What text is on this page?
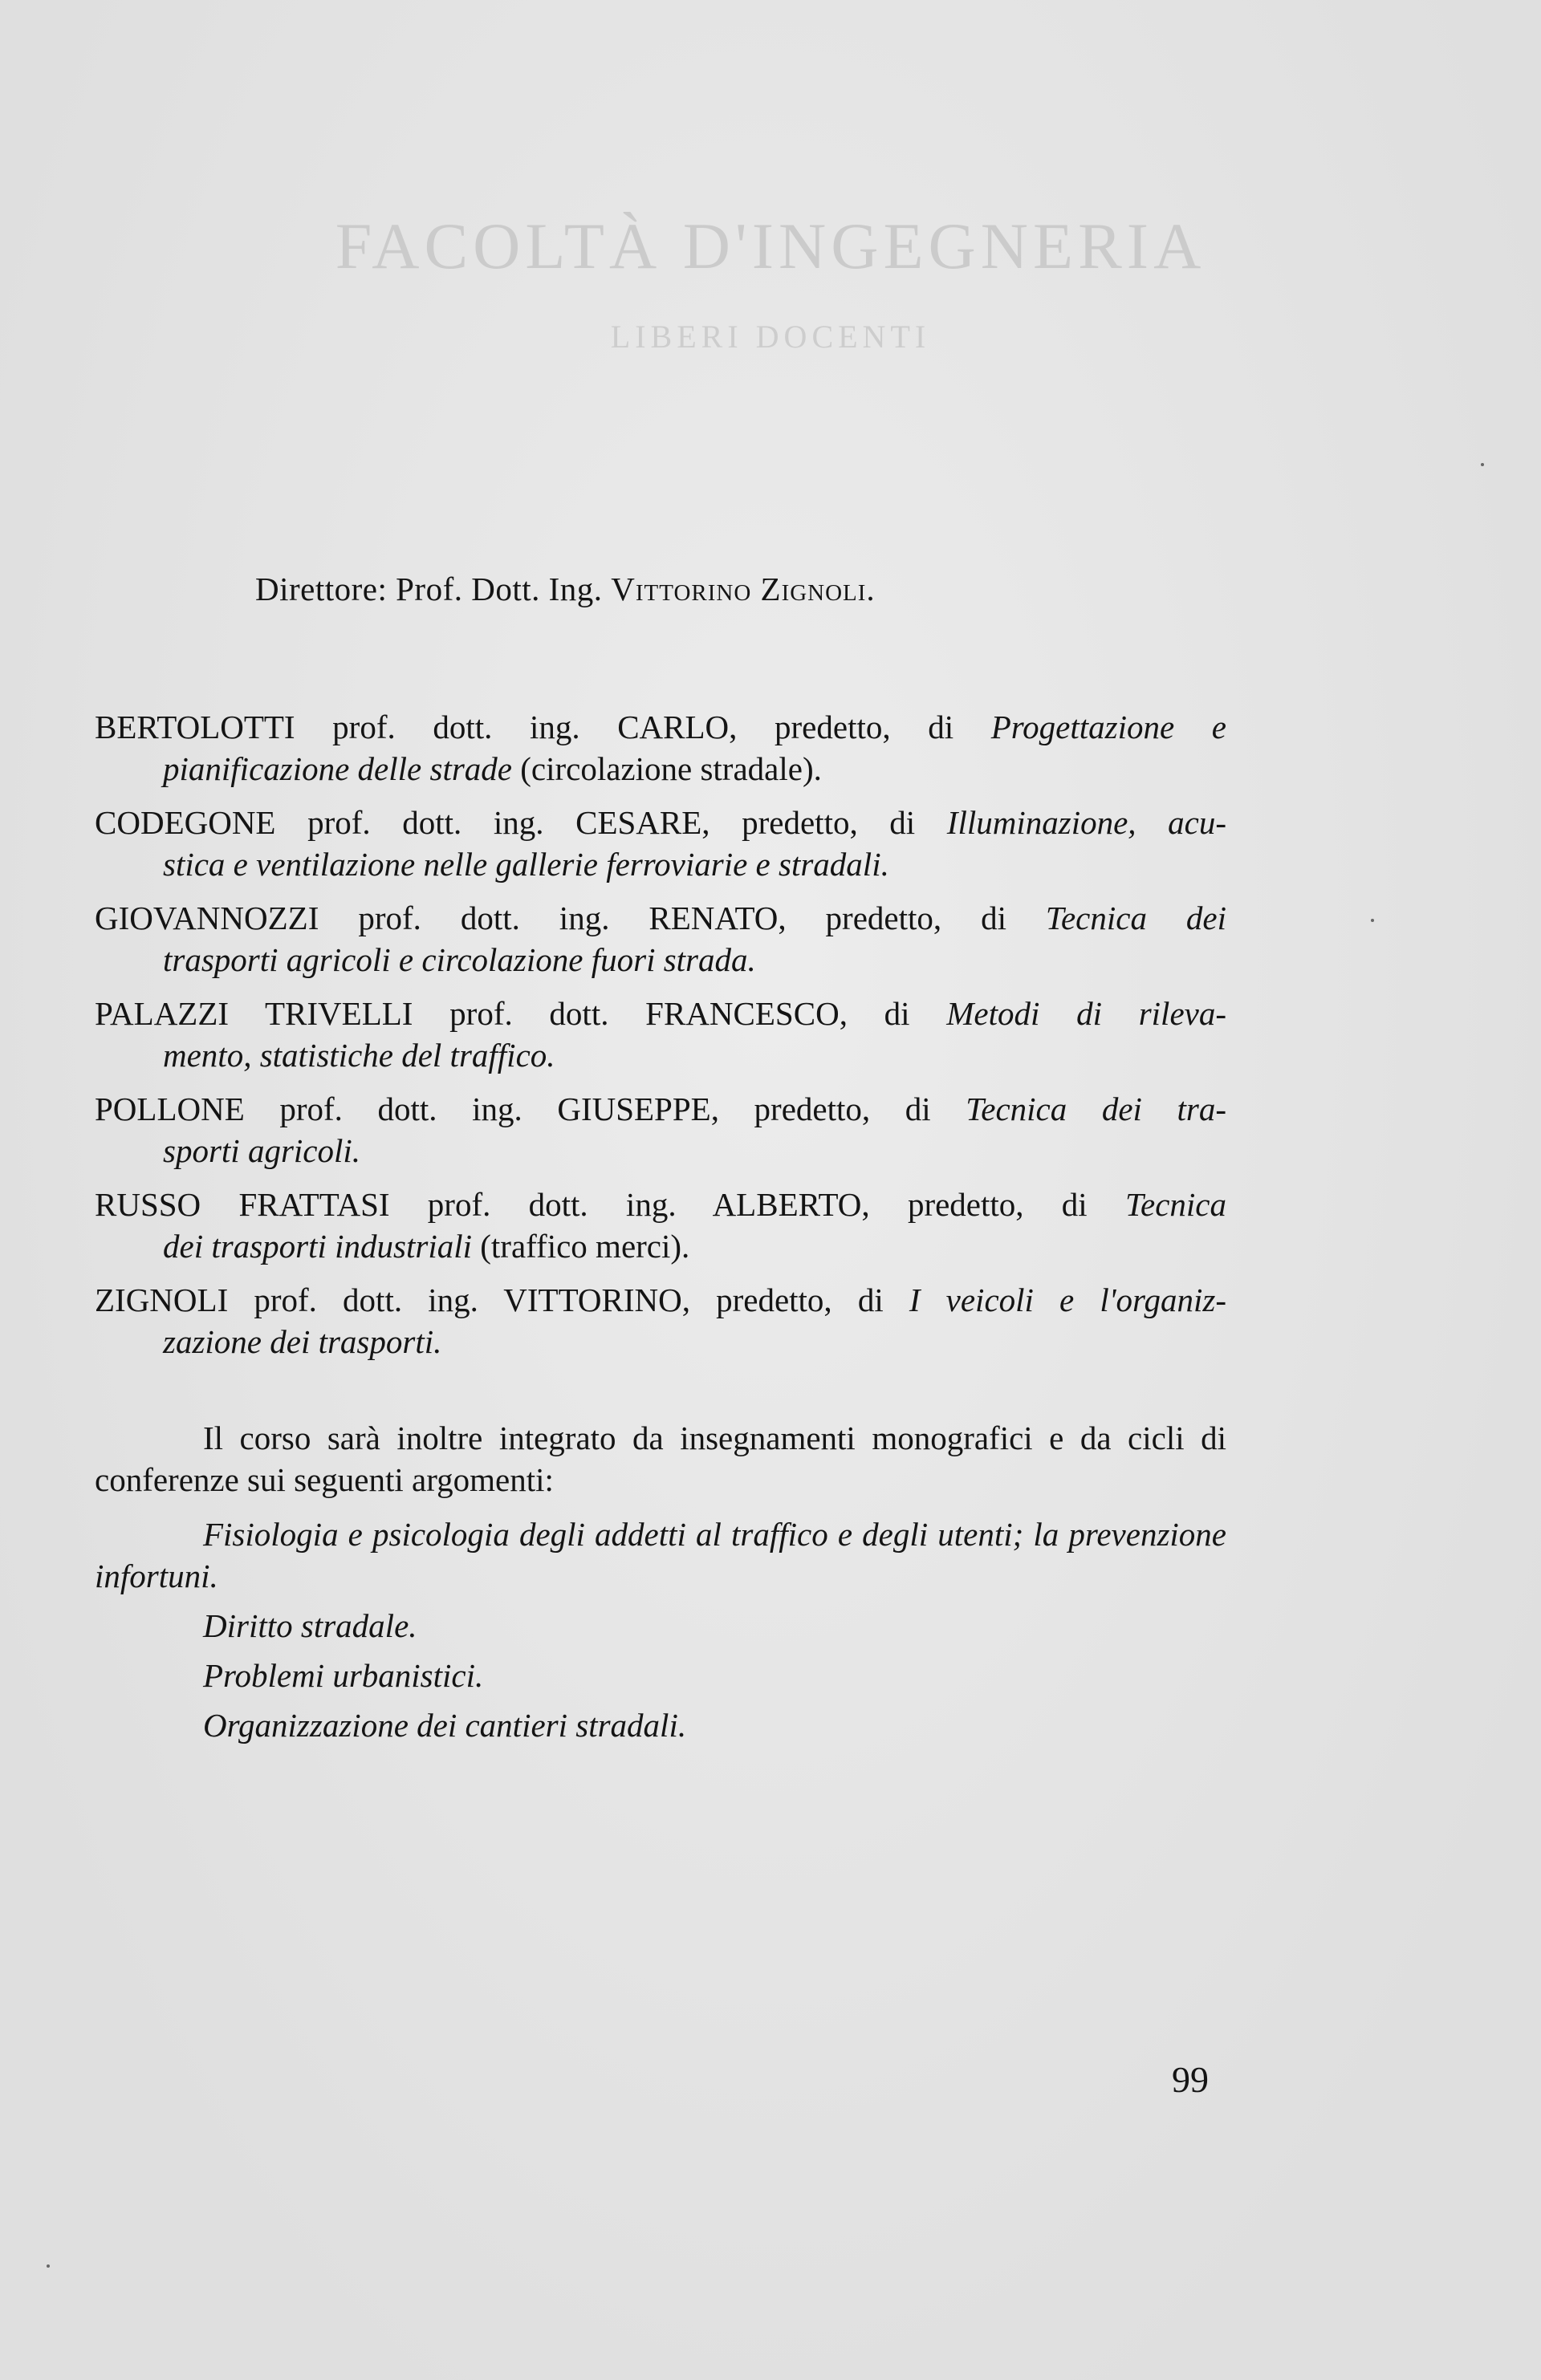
FACOLTÀ D'INGEGNERIA
LIBERI DOCENTI
Direttore: Prof. Dott. Ing. Vittorino Zignoli.
BERTOLOTTI prof. dott. ing. CARLO, predetto, di Progettazione e
pianificazione delle strade (circolazione stradale).
CODEGONE prof. dott. ing. CESARE, predetto, di Illuminazione, acu-
stica e ventilazione nelle gallerie ferroviarie e stradali.
GIOVANNOZZI prof. dott. ing. RENATO, predetto, di Tecnica dei
trasporti agricoli e circolazione fuori strada.
PALAZZI TRIVELLI prof. dott. FRANCESCO, di Metodi di rileva-
mento, statistiche del traffico.
POLLONE prof. dott. ing. GIUSEPPE, predetto, di Tecnica dei tra-
sporti agricoli.
RUSSO FRATTASI prof. dott. ing. ALBERTO, predetto, di Tecnica
dei trasporti industriali (traffico merci).
ZIGNOLI prof. dott. ing. VITTORINO, predetto, di I veicoli e l'organiz-
zazione dei trasporti.

Il corso sarà inoltre integrato da insegnamenti monografici e da cicli di conferenze sui seguenti argomenti:

Fisiologia e psicologia degli addetti al traffico e degli utenti; la prevenzione infortuni.

Diritto stradale.

Problemi urbanistici.

Organizzazione dei cantieri stradali.

99
